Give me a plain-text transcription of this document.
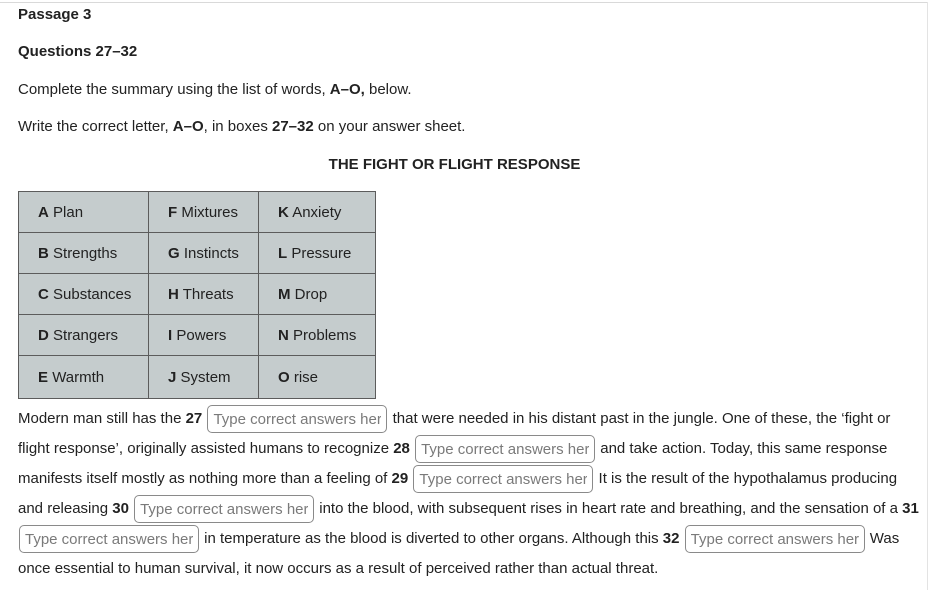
Passage 3
Questions 27–32
Complete the summary using the list of words, A–O, below.
Write the correct letter, A–O, in boxes 27–32 on your answer sheet.
THE FIGHT OR FLIGHT RESPONSE
A Plan	F Mixtures	K Anxiety
B Strengths	G Instincts	L Pressure
C Substances	H Threats	M Drop
D Strangers	I Powers	N Problems
E Warmth	J System	O rise
Modern man still has the 27 Type correct answers here	that were needed in his distant past in the jungle. One of these, the ‘fight or flight response’, originally assisted humans to recognize 28 Type correct answers here	and take action. Today, this same response manifests itself mostly as nothing more than a feeling of 29 Type correct answers here	It is the result of the hypothalamus producing and releasing 30 Type correct answers here	into the blood, with subsequent rises in heart rate and breathing, and the sensation of a 31 Type correct answers here in temperature as the blood is diverted to other organs. Although this 32 Type correct answers here	Was once essential to human survival, it now occurs as a result of perceived rather than actual threat.
